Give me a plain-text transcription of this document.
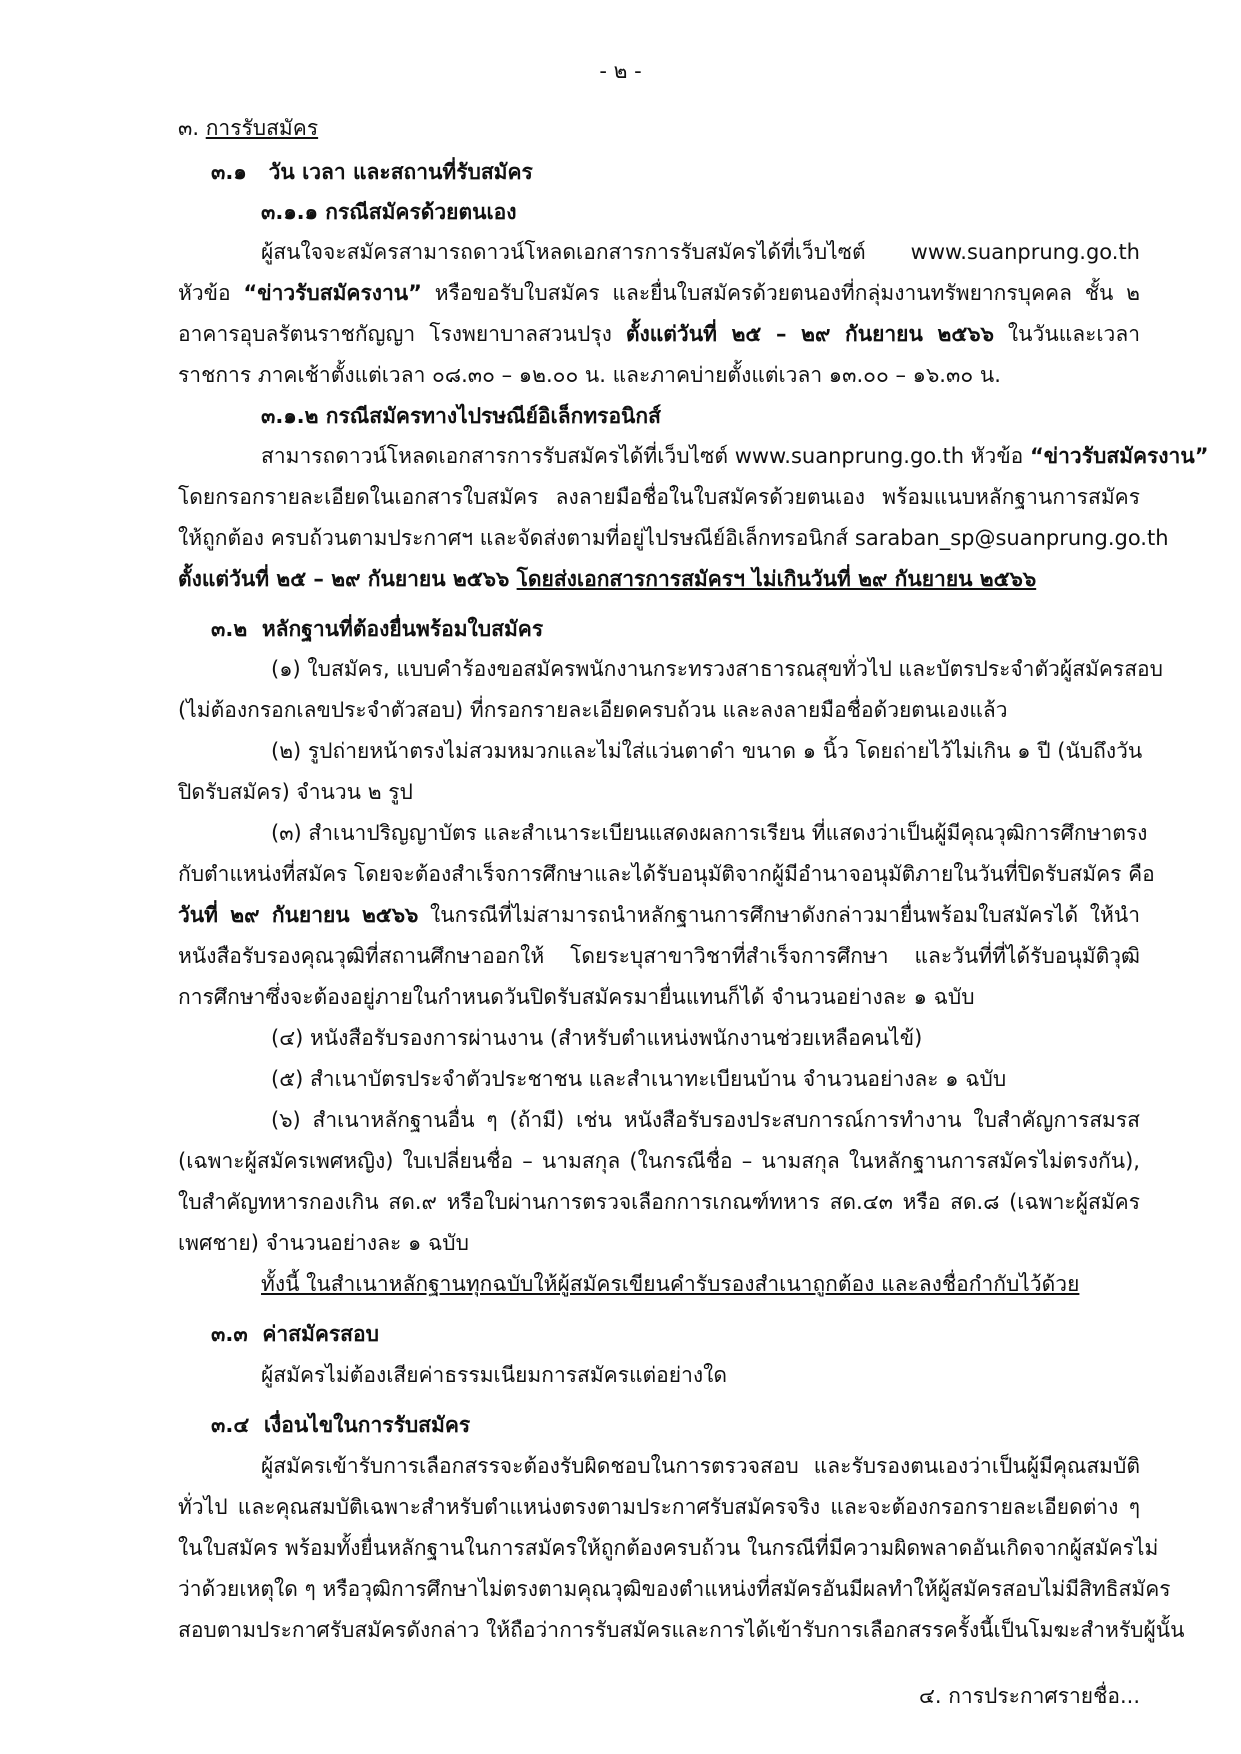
- ๒ -

๓. การรับสมัคร

๓.๑ วัน เวลา และสถานที่รับสมัคร

๓.๑.๑ กรณีสมัครด้วยตนเอง

ผู้สนใจจะสมัครสามารถดาวน์โหลดเอกสารการรับสมัครได้ที่เว็บไซต์ www.suanprung.go.th

หัวข้อ “ข่าวรับสมัครงาน” หรือขอรับใบสมัคร และยื่นใบสมัครด้วยตนองที่กลุ่มงานทรัพยากรบุคคล ชั้น ๒

อาคารอุบลรัตนราชกัญญา โรงพยาบาลสวนปรุง ตั้งแต่วันที่ ๒๕ – ๒๙ กันยายน ๒๕๖๖ ในวันและเวลา

ราชการ ภาคเช้าตั้งแต่เวลา ๐๘.๓๐ – ๑๒.๐๐ น. และภาคบ่ายตั้งแต่เวลา ๑๓.๐๐ – ๑๖.๓๐ น.

๓.๑.๒ กรณีสมัครทางไปรษณีย์อิเล็กทรอนิกส์

สามารถดาวน์โหลดเอกสารการรับสมัครได้ที่เว็บไซต์ www.suanprung.go.th หัวข้อ “ข่าวรับสมัครงาน”

โดยกรอกรายละเอียดในเอกสารใบสมัคร ลงลายมือชื่อในใบสมัครด้วยตนเอง พร้อมแนบหลักฐานการสมัคร

ให้ถูกต้อง ครบถ้วนตามประกาศฯ และจัดส่งตามที่อยู่ไปรษณีย์อิเล็กทรอนิกส์ saraban_sp@suanprung.go.th

ตั้งแต่วันที่ ๒๕ – ๒๙ กันยายน ๒๕๖๖ โดยส่งเอกสารการสมัครฯ ไม่เกินวันที่ ๒๙ กันยายน ๒๕๖๖

๓.๒ หลักฐานที่ต้องยื่นพร้อมใบสมัคร

(๑) ใบสมัคร, แบบคำร้องขอสมัครพนักงานกระทรวงสาธารณสุขทั่วไป และบัตรประจำตัวผู้สมัครสอบ

(ไม่ต้องกรอกเลขประจำตัวสอบ) ที่กรอกรายละเอียดครบถ้วน และลงลายมือชื่อด้วยตนเองแล้ว

(๒) รูปถ่ายหน้าตรงไม่สวมหมวกและไม่ใส่แว่นตาดำ ขนาด ๑ นิ้ว โดยถ่ายไว้ไม่เกิน ๑ ปี (นับถึงวัน

ปิดรับสมัคร) จำนวน ๒ รูป

(๓) สำเนาปริญญาบัตร และสำเนาระเบียนแสดงผลการเรียน ที่แสดงว่าเป็นผู้มีคุณวุฒิการศึกษาตรง

กับตำแหน่งที่สมัคร โดยจะต้องสำเร็จการศึกษาและได้รับอนุมัติจากผู้มีอำนาจอนุมัติภายในวันที่ปิดรับสมัคร คือ

วันที่ ๒๙ กันยายน ๒๕๖๖ ในกรณีที่ไม่สามารถนำหลักฐานการศึกษาดังกล่าวมายื่นพร้อมใบสมัครได้ ให้นำ

หนังสือรับรองคุณวุฒิที่สถานศึกษาออกให้ โดยระบุสาขาวิชาที่สำเร็จการศึกษา และวันที่ที่ได้รับอนุมัติวุฒิ

การศึกษาซึ่งจะต้องอยู่ภายในกำหนดวันปิดรับสมัครมายื่นแทนก็ได้ จำนวนอย่างละ ๑ ฉบับ

(๔) หนังสือรับรองการผ่านงาน (สำหรับตำแหน่งพนักงานช่วยเหลือคนไข้)

(๕) สำเนาบัตรประจำตัวประชาชน และสำเนาทะเบียนบ้าน จำนวนอย่างละ ๑ ฉบับ

(๖) สำเนาหลักฐานอื่น ๆ (ถ้ามี) เช่น หนังสือรับรองประสบการณ์การทำงาน ใบสำคัญการสมรส

(เฉพาะผู้สมัครเพศหญิง) ใบเปลี่ยนชื่อ – นามสกุล (ในกรณีชื่อ – นามสกุล ในหลักฐานการสมัครไม่ตรงกัน),

ใบสำคัญทหารกองเกิน สด.๙ หรือใบผ่านการตรวจเลือกการเกณฑ์ทหาร สด.๔๓ หรือ สด.๘ (เฉพาะผู้สมัคร

เพศชาย) จำนวนอย่างละ ๑ ฉบับ

ทั้งนี้ ในสำเนาหลักฐานทุกฉบับให้ผู้สมัครเขียนคำรับรองสำเนาถูกต้อง และลงชื่อกำกับไว้ด้วย

๓.๓ ค่าสมัครสอบ

ผู้สมัครไม่ต้องเสียค่าธรรมเนียมการสมัครแต่อย่างใด

๓.๔ เงื่อนไขในการรับสมัคร

ผู้สมัครเข้ารับการเลือกสรรจะต้องรับผิดชอบในการตรวจสอบ และรับรองตนเองว่าเป็นผู้มีคุณสมบัติ

ทั่วไป และคุณสมบัติเฉพาะสำหรับตำแหน่งตรงตามประกาศรับสมัครจริง และจะต้องกรอกรายละเอียดต่าง ๆ

ในใบสมัคร พร้อมทั้งยื่นหลักฐานในการสมัครให้ถูกต้องครบถ้วน ในกรณีที่มีความผิดพลาดอันเกิดจากผู้สมัครไม่

ว่าด้วยเหตุใด ๆ หรือวุฒิการศึกษาไม่ตรงตามคุณวุฒิของตำแหน่งที่สมัครอันมีผลทำให้ผู้สมัครสอบไม่มีสิทธิสมัคร

สอบตามประกาศรับสมัครดังกล่าว ให้ถือว่าการรับสมัครและการได้เข้ารับการเลือกสรรครั้งนี้เป็นโมฆะสำหรับผู้นั้น

๔. การประกาศรายชื่อ...
